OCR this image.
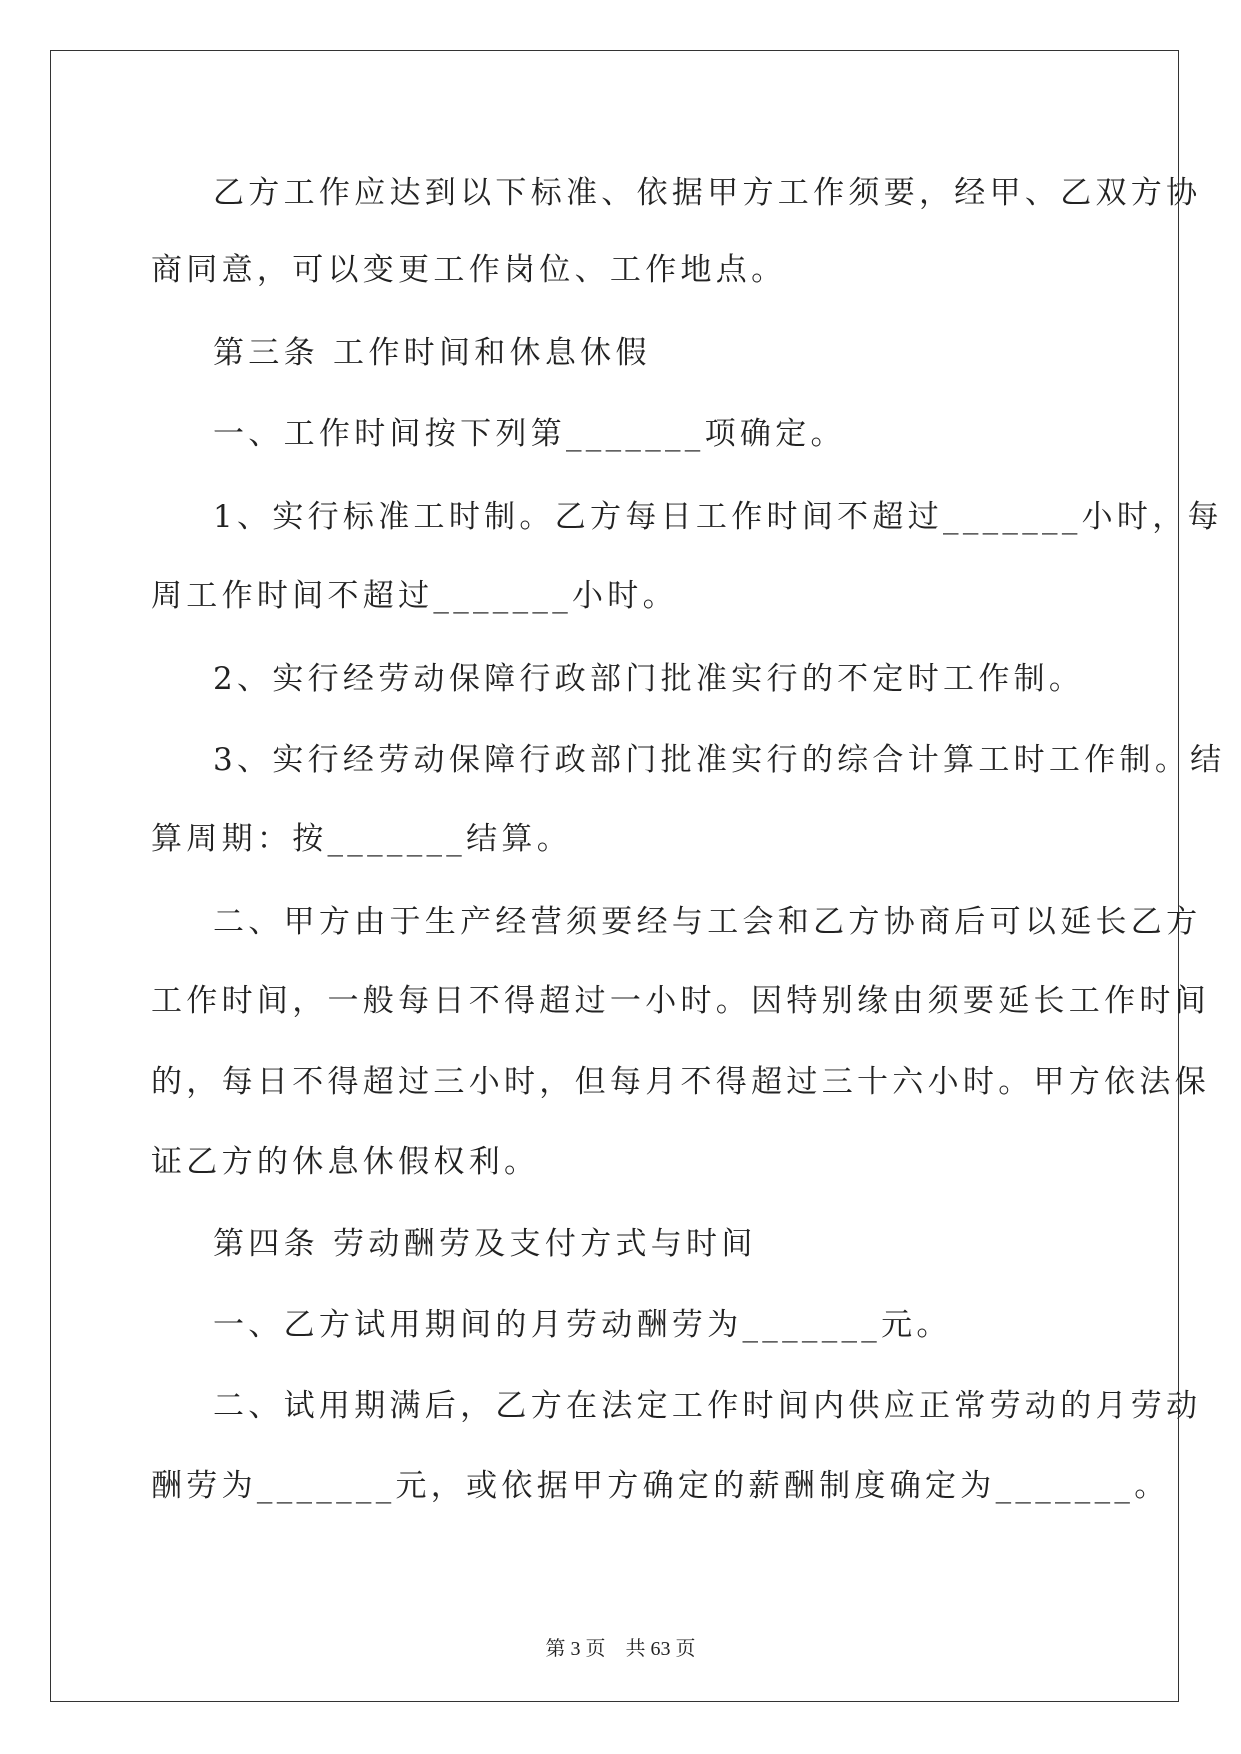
乙方工作应达到以下标准、依据甲方工作须要，经甲、乙双方协
商同意，可以变更工作岗位、工作地点。
第三条 工作时间和休息休假
一、工作时间按下列第_______项确定。
1、实行标准工时制。乙方每日工作时间不超过_______小时，每
周工作时间不超过_______小时。
2、实行经劳动保障行政部门批准实行的不定时工作制。
3、实行经劳动保障行政部门批准实行的综合计算工时工作制。结
算周期：按_______结算。
二、甲方由于生产经营须要经与工会和乙方协商后可以延长乙方
工作时间，一般每日不得超过一小时。因特别缘由须要延长工作时间
的，每日不得超过三小时，但每月不得超过三十六小时。甲方依法保
证乙方的休息休假权利。
第四条 劳动酬劳及支付方式与时间
一、乙方试用期间的月劳动酬劳为_______元。
二、试用期满后，乙方在法定工作时间内供应正常劳动的月劳动
酬劳为_______元，或依据甲方确定的薪酬制度确定为_______。
第 3 页 共 63 页
